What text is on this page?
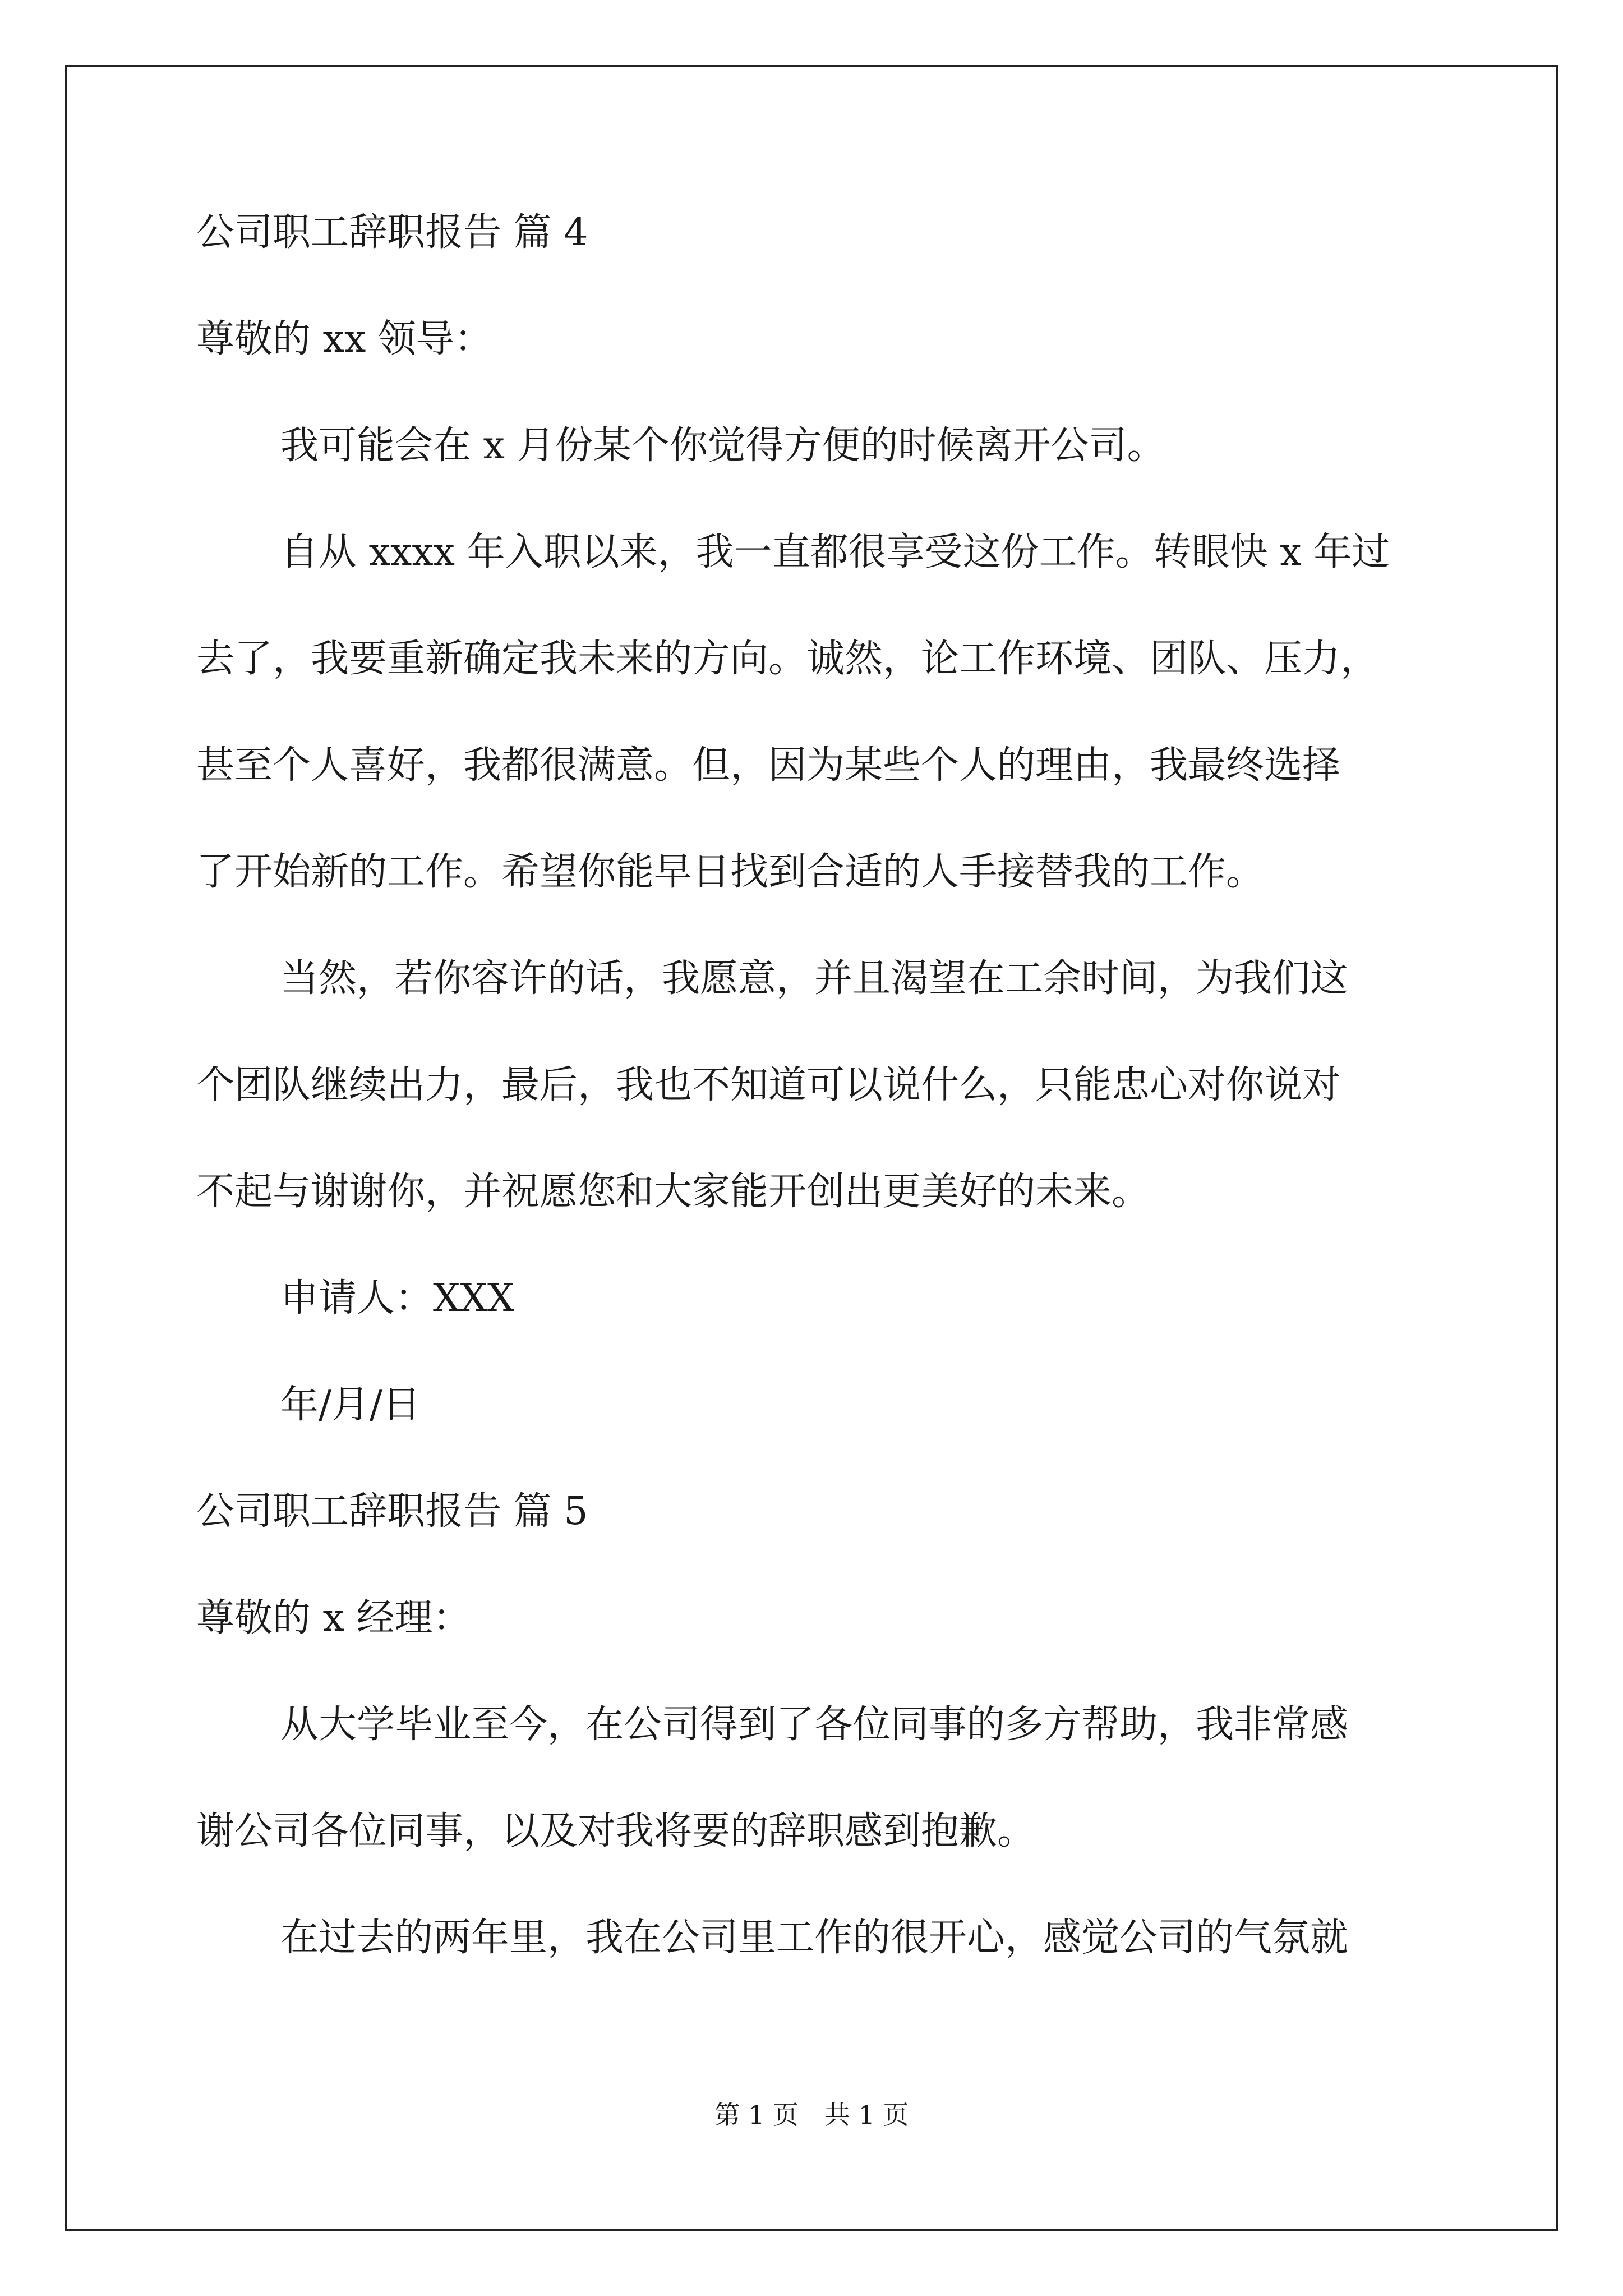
公司职工辞职报告 篇 4
尊敬的 xx 领导：
我可能会在 x 月份某个你觉得方便的时候离开公司。
自从 xxxx 年入职以来，我一直都很享受这份工作。转眼快 x 年过
去了，我要重新确定我未来的方向。诚然，论工作环境、团队、压力，
甚至个人喜好，我都很满意。但，因为某些个人的理由，我最终选择
了开始新的工作。希望你能早日找到合适的人手接替我的工作。
当然，若你容许的话，我愿意，并且渴望在工余时间，为我们这
个团队继续出力，最后，我也不知道可以说什么，只能忠心对你说对
不起与谢谢你，并祝愿您和大家能开创出更美好的未来。
申请人：XXX
年/月/日
公司职工辞职报告 篇 5
尊敬的 x 经理：
从大学毕业至今，在公司得到了各位同事的多方帮助，我非常感
谢公司各位同事，以及对我将要的辞职感到抱歉。
在过去的两年里，我在公司里工作的很开心，感觉公司的气氛就
第 1 页　共 1 页
